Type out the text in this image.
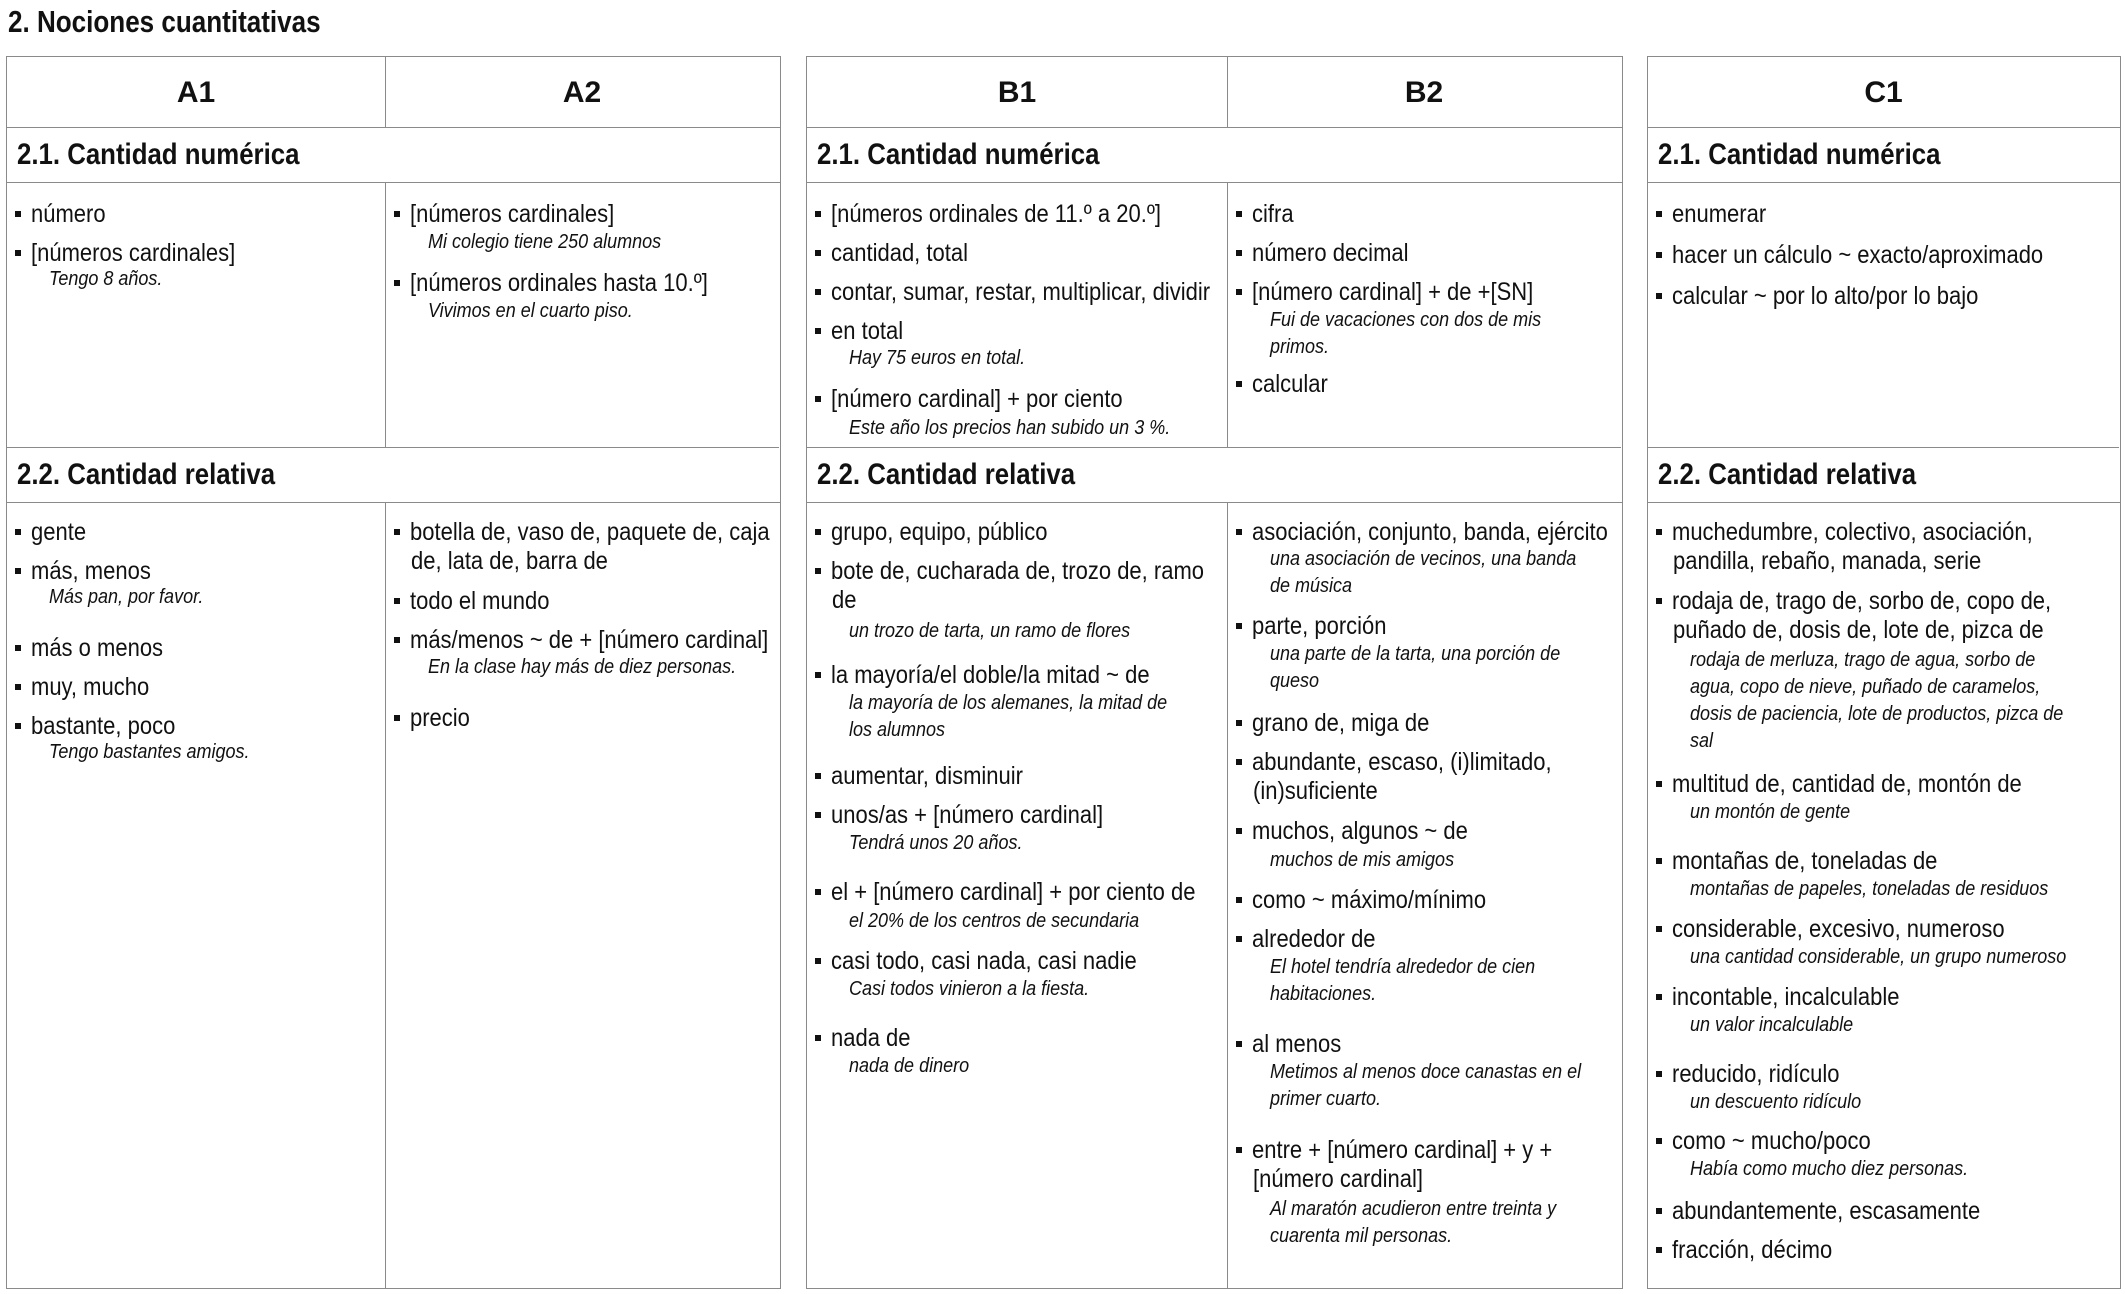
2. Nociones cuantitativas
A1	A2
2.1. Cantidad numérica
número
[números cardinales]
Tengo 8 años.
[números cardinales]
Mi colegio tiene 250 alumnos
[números ordinales hasta 10.º]
Vivimos en el cuarto piso.
2.2. Cantidad relativa
gente
más, menos
Más pan, por favor.
más o menos
muy, mucho
bastante, poco
Tengo bastantes amigos.
botella de, vaso de, paquete de, caja
de, lata de, barra de
todo el mundo
más/menos ~ de + [número cardinal]
En la clase hay más de diez personas.
precio
B1	B2
2.1. Cantidad numérica
[números ordinales de 11.º a 20.º]
cantidad, total
contar, sumar, restar, multiplicar, dividir
en total
Hay 75 euros en total.
[número cardinal] + por ciento
Este año los precios han subido un 3 %.
cifra
número decimal
[número cardinal] + de +[SN]
Fui de vacaciones con dos de mis
primos.
calcular
2.2. Cantidad relativa
grupo, equipo, público
bote de, cucharada de, trozo de, ramo
de
un trozo de tarta, un ramo de flores
la mayoría/el doble/la mitad ~ de
la mayoría de los alemanes, la mitad de
los alumnos
aumentar, disminuir
unos/as + [número cardinal]
Tendrá unos 20 años.
el + [número cardinal] + por ciento de
el 20% de los centros de secundaria
casi todo, casi nada, casi nadie
Casi todos vinieron a la fiesta.
nada de
nada de dinero
asociación, conjunto, banda, ejército
una asociación de vecinos, una banda
de música
parte, porción
una parte de la tarta, una porción de
queso
grano de, miga de
abundante, escaso, (i)limitado,
(in)suficiente
muchos, algunos ~ de
muchos de mis amigos
como ~ máximo/mínimo
alrededor de
El hotel tendría alrededor de cien
habitaciones.
al menos
Metimos al menos doce canastas en el
primer cuarto.
entre + [número cardinal] + y +
[número cardinal]
Al maratón acudieron entre treinta y
cuarenta mil personas.
C1
2.1. Cantidad numérica
enumerar
hacer un cálculo ~ exacto/aproximado
calcular ~ por lo alto/por lo bajo
2.2. Cantidad relativa
muchedumbre, colectivo, asociación,
pandilla, rebaño, manada, serie
rodaja de, trago de, sorbo de, copo de,
puñado de, dosis de, lote de, pizca de
rodaja de merluza, trago de agua, sorbo de
agua, copo de nieve, puñado de caramelos,
dosis de paciencia, lote de productos, pizca de
sal
multitud de, cantidad de, montón de
un montón de gente
montañas de, toneladas de
montañas de papeles, toneladas de residuos
considerable, excesivo, numeroso
una cantidad considerable, un grupo numeroso
incontable, incalculable
un valor incalculable
reducido, ridículo
un descuento ridículo
como ~ mucho/poco
Había como mucho diez personas.
abundantemente, escasamente
fracción, décimo
